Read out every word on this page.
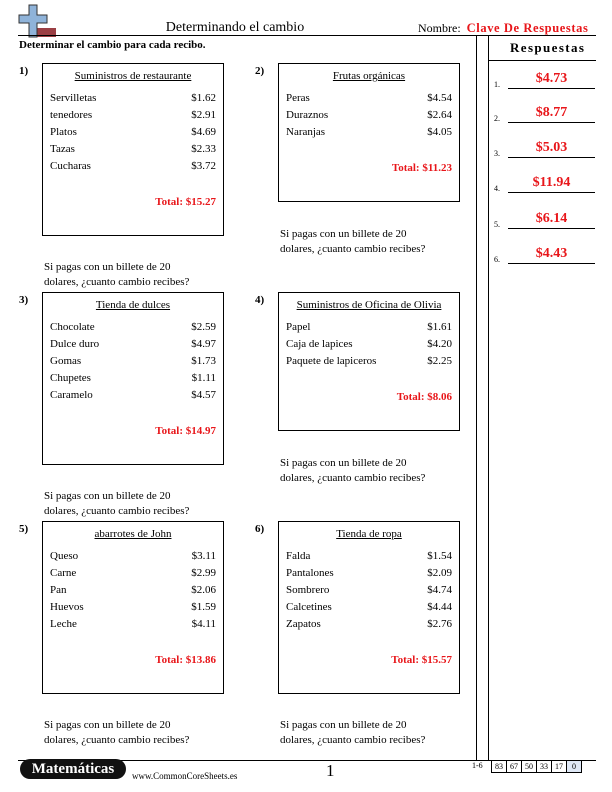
Determinando el cambio	Nombre: Clave De Respuestas
Determinar el cambio para cada recibo.	Respuestas
1.	$4.73
2.	$8.77
3.	$5.03
4.	$11.94
5.	$6.14
6.	$4.43
1)	Suministros de restaurante
Servilletas	$1.62
tenedores	$2.91
Platos	$4.69
Tazas	$2.33
Cucharas	$3.72
Total: $15.27
Si pagas con un billete de 20
dolares, ¿cuanto cambio recibes?
2)	Frutas orgánicas
Peras	$4.54
Duraznos	$2.64
Naranjas	$4.05
Total: $11.23
Si pagas con un billete de 20
dolares, ¿cuanto cambio recibes?
3)	Tienda de dulces
Chocolate	$2.59
Dulce duro	$4.97
Gomas	$1.73
Chupetes	$1.11
Caramelo	$4.57
Total: $14.97
Si pagas con un billete de 20
dolares, ¿cuanto cambio recibes?
4)	Suministros de Oficina de Olivia
Papel	$1.61
Caja de lapices	$4.20
Paquete de lapiceros	$2.25
Total: $8.06
Si pagas con un billete de 20
dolares, ¿cuanto cambio recibes?
5)	abarrotes de John
Queso	$3.11
Carne	$2.99
Pan	$2.06
Huevos	$1.59
Leche	$4.11
Total: $13.86
Si pagas con un billete de 20
dolares, ¿cuanto cambio recibes?
6)	Tienda de ropa
Falda	$1.54
Pantalones	$2.09
Sombrero	$4.74
Calcetines	$4.44
Zapatos	$2.76
Total: $15.57
Si pagas con un billete de 20
dolares, ¿cuanto cambio recibes?
Matemáticas	www.CommonCoreSheets.es	1	1-6	83 67 50 33 17	0
